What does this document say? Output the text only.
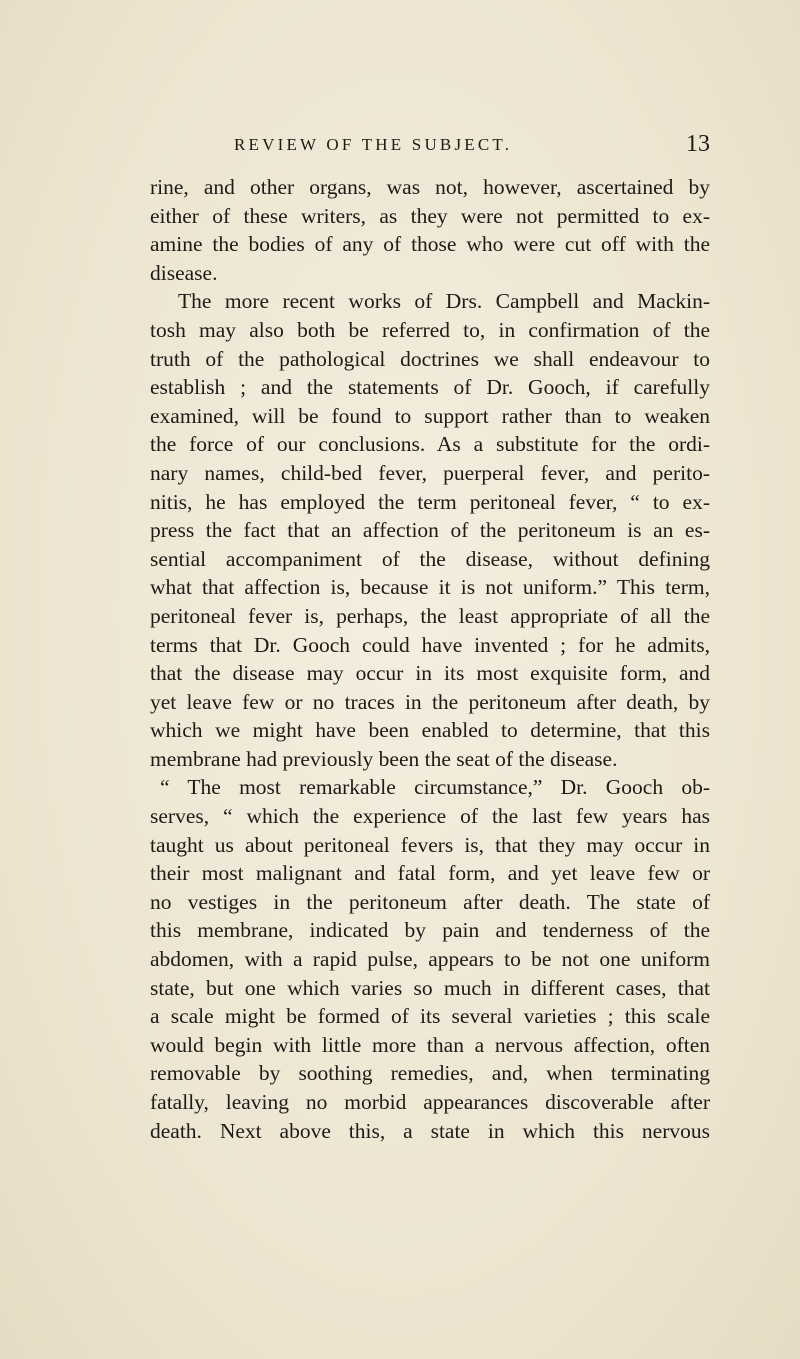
REVIEW OF THE SUBJECT.	13
rine, and other organs, was not, however, ascertained by
either of these writers, as they were not permitted to ex-
amine the bodies of any of those who were cut off with the
disease.
The more recent works of Drs. Campbell and Mackin-
tosh may also both be referred to, in confirmation of the
truth of the pathological doctrines we shall endeavour to
establish ; and the statements of Dr. Gooch, if carefully
examined, will be found to support rather than to weaken
the force of our conclusions. As a substitute for the ordi-
nary names, child-bed fever, puerperal fever, and perito-
nitis, he has employed the term peritoneal fever, “ to ex-
press the fact that an affection of the peritoneum is an es-
sential accompaniment of the disease, without defining
what that affection is, because it is not uniform.” This term,
peritoneal fever is, perhaps, the least appropriate of all the
terms that Dr. Gooch could have invented ; for he admits,
that the disease may occur in its most exquisite form, and
yet leave few or no traces in the peritoneum after death, by
which we might have been enabled to determine, that this
membrane had previously been the seat of the disease.
“ The most remarkable circumstance,” Dr. Gooch ob-
serves, “ which the experience of the last few years has
taught us about peritoneal fevers is, that they may occur in
their most malignant and fatal form, and yet leave few or
no vestiges in the peritoneum after death. The state of
this membrane, indicated by pain and tenderness of the
abdomen, with a rapid pulse, appears to be not one uniform
state, but one which varies so much in different cases, that
a scale might be formed of its several varieties ; this scale
would begin with little more than a nervous affection, often
removable by soothing remedies, and, when terminating
fatally, leaving no morbid appearances discoverable after
death. Next above this, a state in which this nervous
